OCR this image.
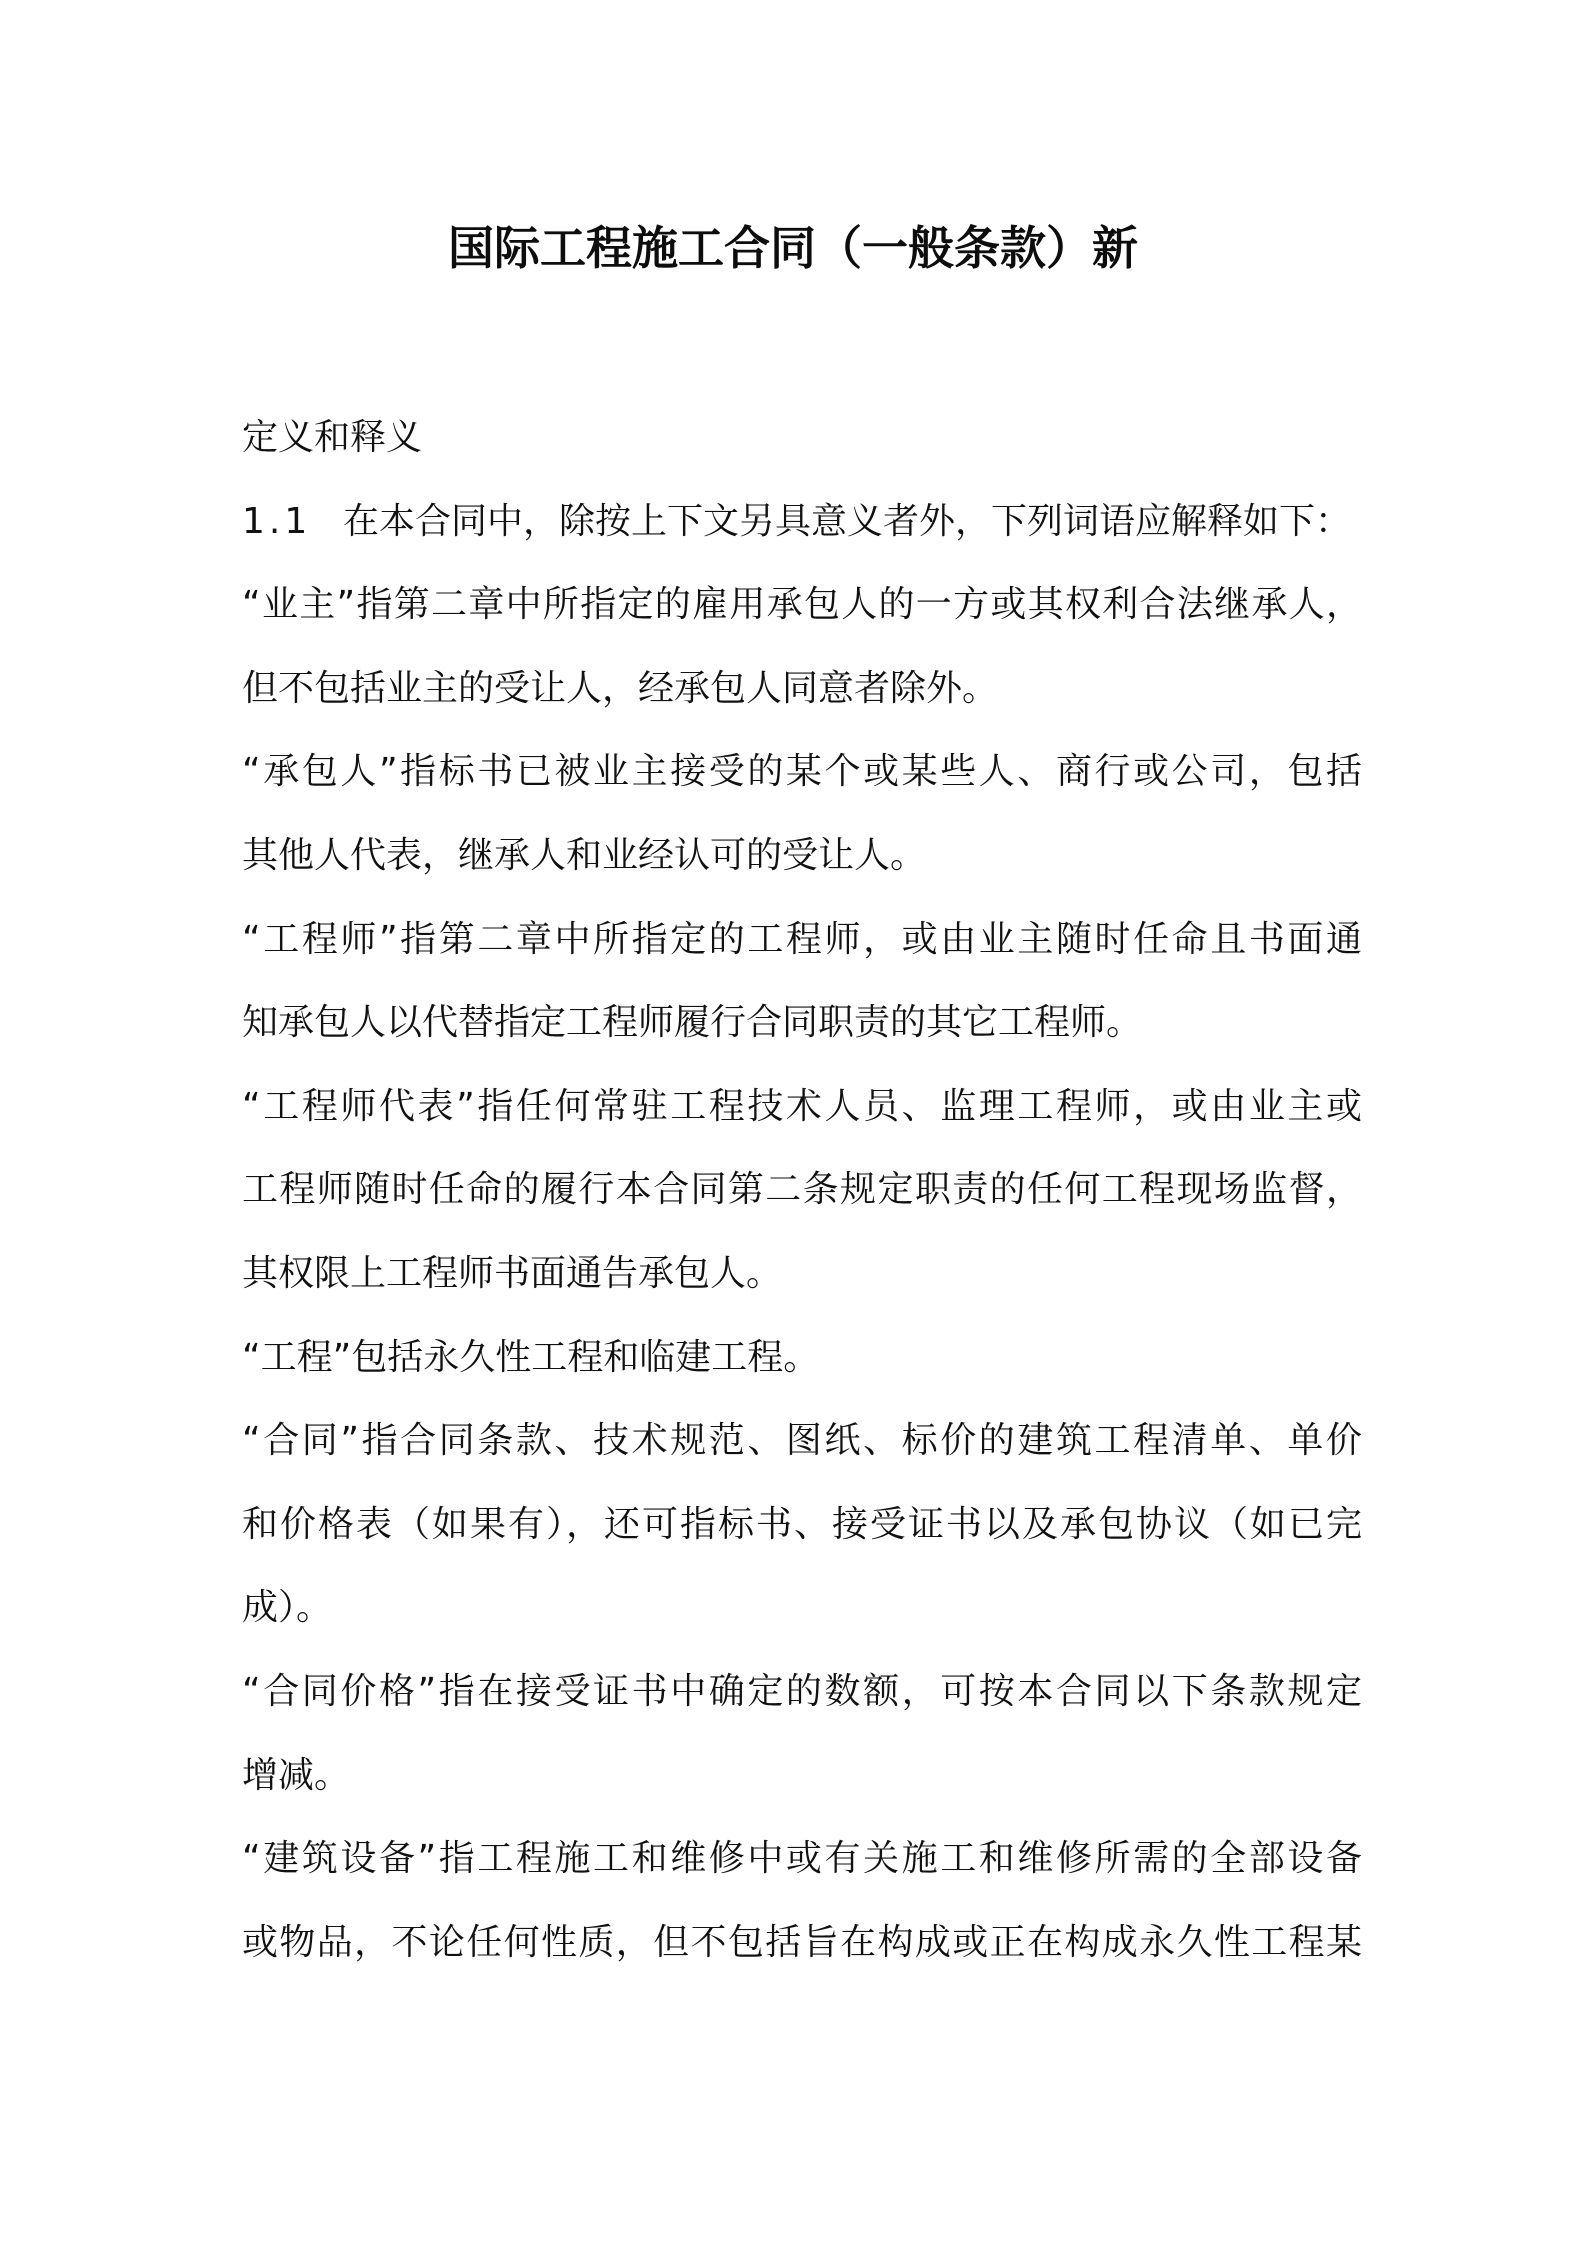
国际工程施工合同（一般条款）新
定义和释义
1.1 在本合同中，除按上下文另具意义者外，下列词语应解释如下：
“业主”指第二章中所指定的雇用承包人的一方或其权利合法继承人，
但不包括业主的受让人，经承包人同意者除外。
“承包人”指标书已被业主接受的某个或某些人、商行或公司，包括
其他人代表，继承人和业经认可的受让人。
“工程师”指第二章中所指定的工程师，或由业主随时任命且书面通
知承包人以代替指定工程师履行合同职责的其它工程师。
“工程师代表”指任何常驻工程技术人员、监理工程师，或由业主或
工程师随时任命的履行本合同第二条规定职责的任何工程现场监督，
其权限上工程师书面通告承包人。
“工程”包括永久性工程和临建工程。
“合同”指合同条款、技术规范、图纸、标价的建筑工程清单、单价
和价格表（如果有），还可指标书、接受证书以及承包协议（如已完
成）。
“合同价格”指在接受证书中确定的数额，可按本合同以下条款规定
增减。
“建筑设备”指工程施工和维修中或有关施工和维修所需的全部设备
或物品，不论任何性质，但不包括旨在构成或正在构成永久性工程某
